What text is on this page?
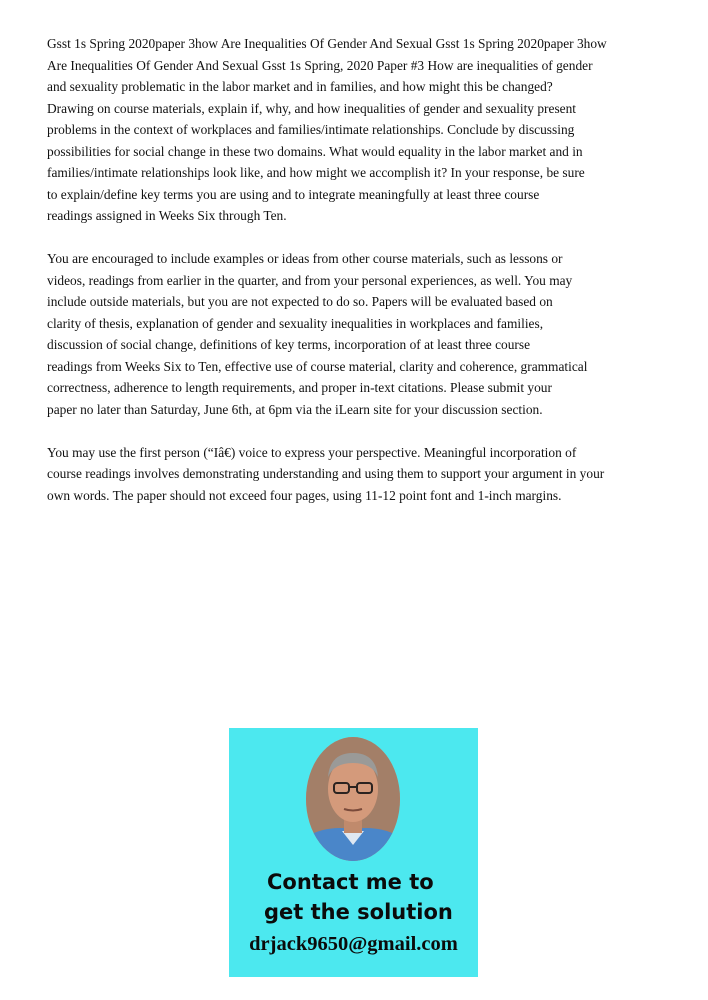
Gsst 1s Spring 2020paper 3how Are Inequalities Of Gender And Sexual Gsst 1s Spring 2020paper 3how
Are Inequalities Of Gender And Sexual Gsst 1s Spring, 2020 Paper #3 How are inequalities of gender
and sexuality problematic in the labor market and in families, and how might this be changed?
Drawing on course materials, explain if, why, and how inequalities of gender and sexuality present
problems in the context of workplaces and families/intimate relationships. Conclude by discussing
possibilities for social change in these two domains. What would equality in the labor market and in
families/intimate relationships look like, and how might we accomplish it? In your response, be sure
to explain/define key terms you are using and to integrate meaningfully at least three course
readings assigned in Weeks Six through Ten.

You are encouraged to include examples or ideas from other course materials, such as lessons or
videos, readings from earlier in the quarter, and from your personal experiences, as well. You may
include outside materials, but you are not expected to do so. Papers will be evaluated based on
clarity of thesis, explanation of gender and sexuality inequalities in workplaces and families,
discussion of social change, definitions of key terms, incorporation of at least three course
readings from Weeks Six to Ten, effective use of course material, clarity and coherence, grammatical
correctness, adherence to length requirements, and proper in-text citations. Please submit your
paper no later than Saturday, June 6th, at 6pm via the iLearn site for your discussion section.

You may use the first person (“Iâ€) voice to express your perspective. Meaningful incorporation of
course readings involves demonstrating understanding and using them to support your argument in your
own words. The paper should not exceed four pages, using 11-12 point font and 1-inch margins.

Contact me to
get the solution
drjack9650@gmail.com
